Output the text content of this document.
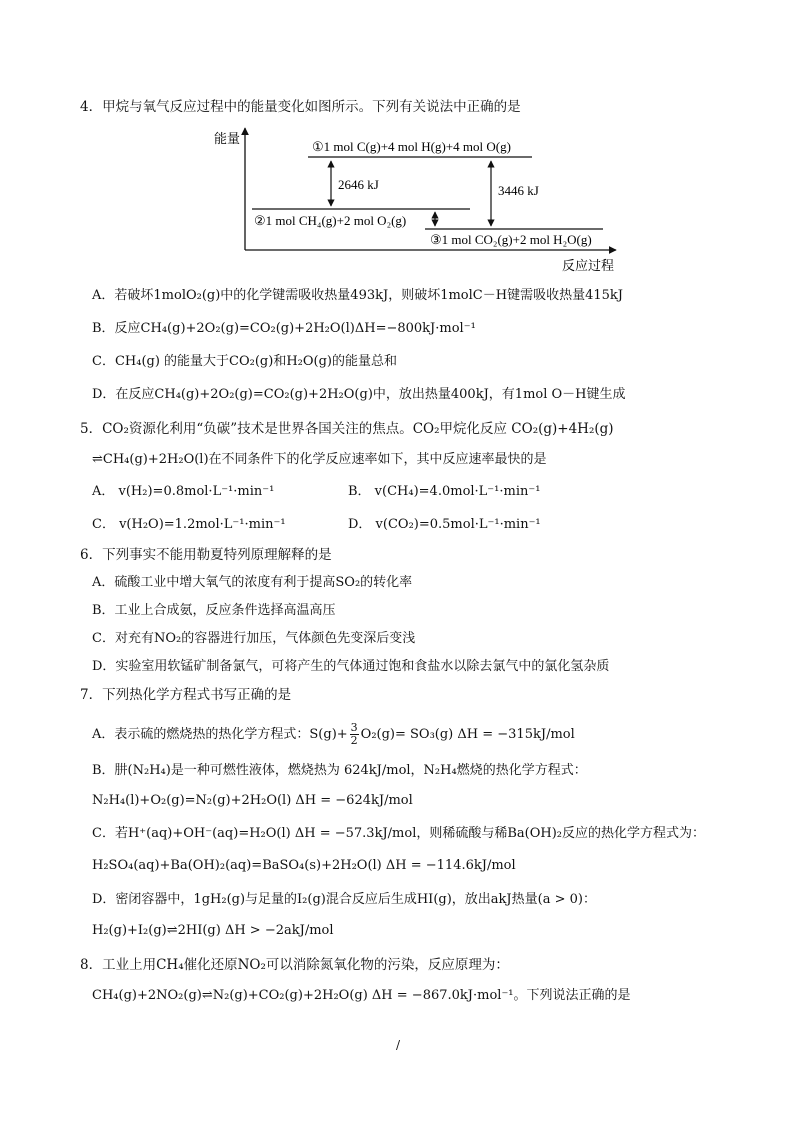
4．甲烷与氧气反应过程中的能量变化如图所示。下列有关说法中正确的是
能量
反应过程
①1 mol C(g)+4 mol H(g)+4 mol O(g)
②1 mol CH₄(g)+2 mol O₂(g)
③1 mol CO₂(g)+2 mol H₂O(g)
2646 kJ	3446 kJ
A．若破坏1molO₂(g)中的化学键需吸收热量493kJ，则破坏1molC－H键需吸收热量415kJ
B．反应CH₄(g)+2O₂(g)=CO₂(g)+2H₂O(l)ΔH=−800kJ·mol⁻¹
C．CH₄(g) 的能量大于CO₂(g)和H₂O(g)的能量总和
D．在反应CH₄(g)+2O₂(g)=CO₂(g)+2H₂O(g)中，放出热量400kJ，有1mol O－H键生成
5．CO₂资源化利用“负碳”技术是世界各国关注的焦点。CO₂甲烷化反应 CO₂(g)+4H₂(g)
⇌CH₄(g)+2H₂O(l)在不同条件下的化学反应速率如下，其中反应速率最快的是
A． v(H₂)=0.8mol·L⁻¹·min⁻¹	B． v(CH₄)=4.0mol·L⁻¹·min⁻¹
C． v(H₂O)=1.2mol·L⁻¹·min⁻¹	D． v(CO₂)=0.5mol·L⁻¹·min⁻¹
6．下列事实不能用勒夏特列原理解释的是
A．硫酸工业中增大氧气的浓度有利于提高SO₂的转化率
B．工业上合成氨，反应条件选择高温高压
C．对充有NO₂的容器进行加压，气体颜色先变深后变浅
D．实验室用软锰矿制备氯气，可将产生的气体通过饱和食盐水以除去氯气中的氯化氢杂质
7．下列热化学方程式书写正确的是
A．表示硫的燃烧热的热化学方程式：$S(g)+ \frac{3}{2} O_2(g)= SO_3(g) \Delta H = -315kJ/mol$
B．肼(N₂H₄)是一种可燃性液体，燃烧热为 624kJ/mol，N₂H₄燃烧的热化学方程式：
N₂H₄(l)+O₂(g)=N₂(g)+2H₂O(l) ΔH = −624kJ/mol
C．若H⁺(aq)+OH⁻(aq)=H₂O(l) ΔH = −57.3kJ/mol，则稀硫酸与稀Ba(OH)₂反应的热化学方程式为：
H₂SO₄(aq)+Ba(OH)₂(aq)=BaSO₄(s)+2H₂O(l) ΔH = −114.6kJ/mol
D．密闭容器中，1gH₂(g)与足量的I₂(g)混合反应后生成HI(g)，放出akJ热量(a > 0)：
H₂(g)+I₂(g)⇌2HI(g) ΔH > −2akJ/mol
8．工业上用CH₄催化还原NO₂可以消除氮氧化物的污染，反应原理为：
CH₄(g)+2NO₂(g)⇌N₂(g)+CO₂(g)+2H₂O(g) ΔH = −867.0kJ·mol⁻¹。下列说法正确的是
/
